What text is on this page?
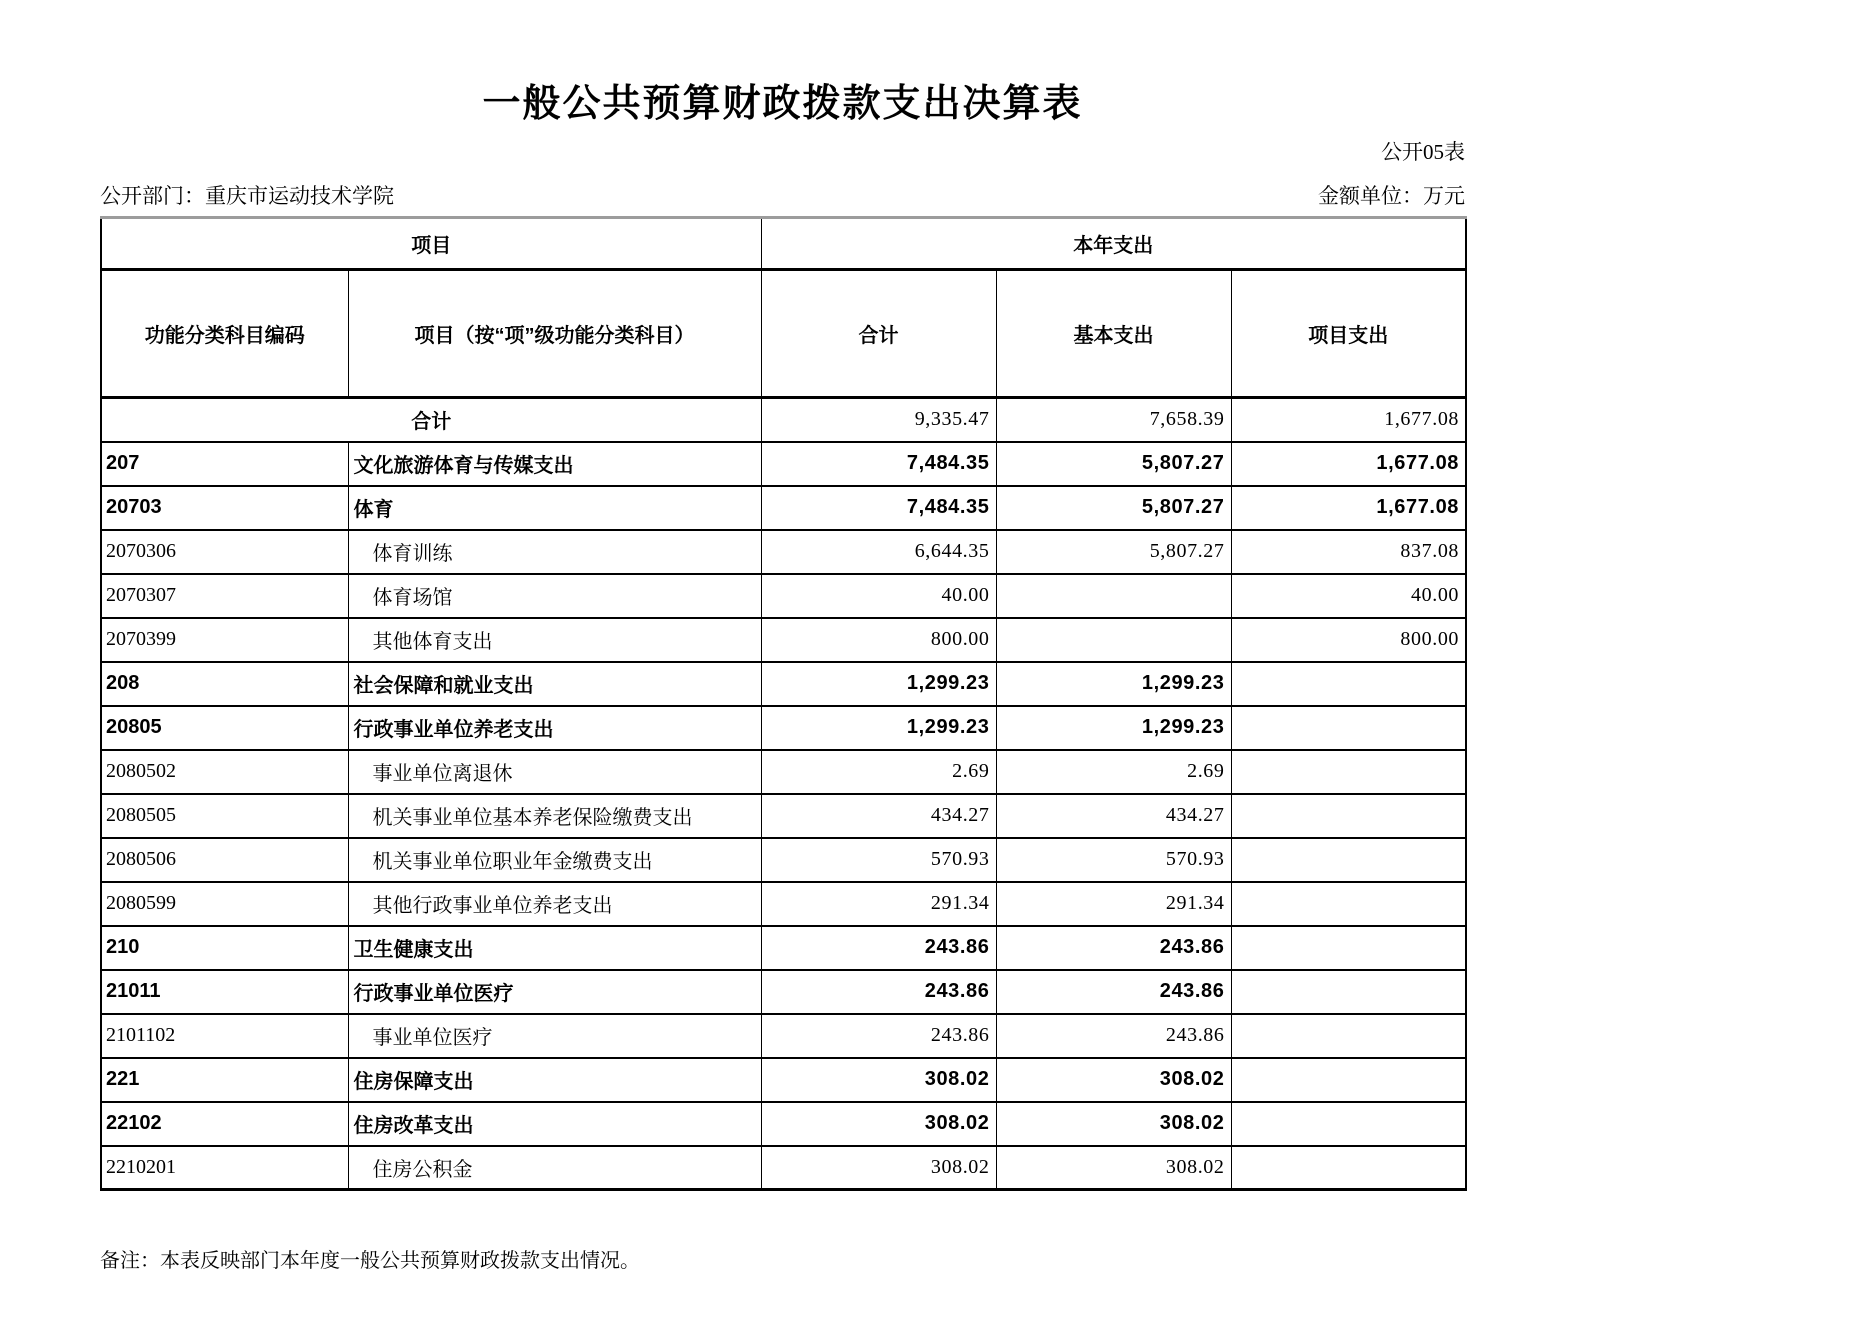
一般公共预算财政拨款支出决算表
公开05表
公开部门：重庆市运动技术学院	金额单位：万元
项目		本年支出		
功能分类科目编码	项目（按“项”级功能分类科目）	合计	基本支出	项目支出
合计		9,335.47	7,658.39	1,677.08
207	文化旅游体育与传媒支出	7,484.35	5,807.27	1,677.08
20703	体育	7,484.35	5,807.27	1,677.08
2070306	体育训练	6,644.35	5,807.27	837.08
2070307	体育场馆	40.00		40.00
2070399	其他体育支出	800.00		800.00
208	社会保障和就业支出	1,299.23	1,299.23	
20805	行政事业单位养老支出	1,299.23	1,299.23	
2080502	事业单位离退休	2.69	2.69	
2080505	机关事业单位基本养老保险缴费支出	434.27	434.27	
2080506	机关事业单位职业年金缴费支出	570.93	570.93	
2080599	其他行政事业单位养老支出	291.34	291.34	
210	卫生健康支出	243.86	243.86	
21011	行政事业单位医疗	243.86	243.86	
2101102	事业单位医疗	243.86	243.86	
221	住房保障支出	308.02	308.02	
22102	住房改革支出	308.02	308.02	
2210201	住房公积金	308.02	308.02	
备注：本表反映部门本年度一般公共预算财政拨款支出情况。
